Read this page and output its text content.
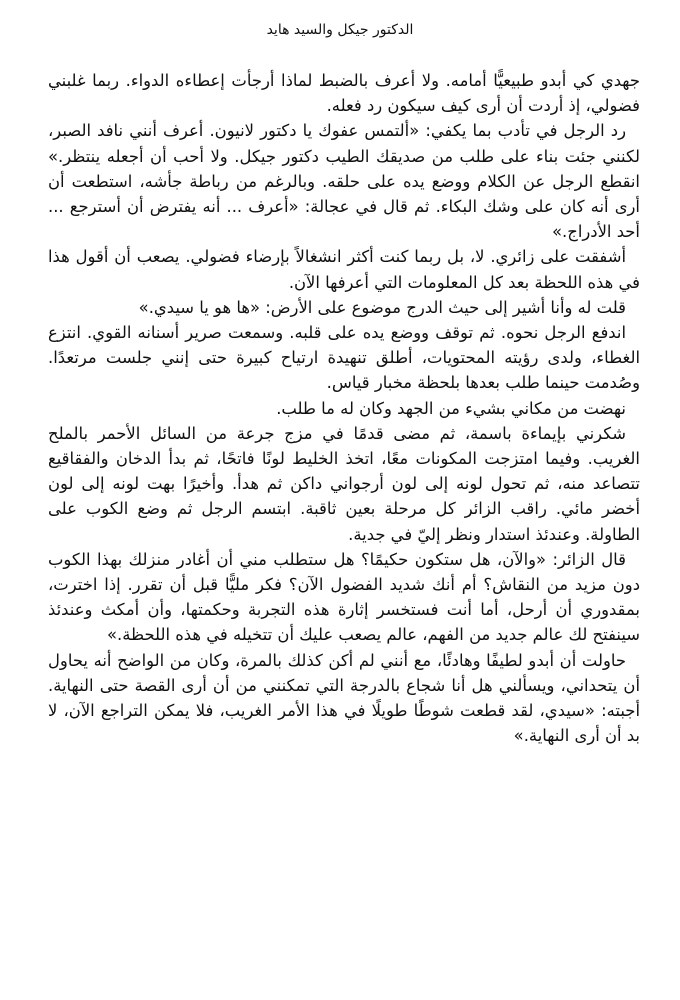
الدكتور جيكل والسيد هايد

جهدي كي أبدو طبيعيًّا أمامه. ولا أعرف بالضبط لماذا أرجأت إعطاءه الدواء. ربما غلبني فضولي، إذ أردت أن أرى كيف سيكون رد فعله.

رد الرجل في تأدب بما يكفي: «ألتمس عفوك يا دكتور لانيون. أعرف أنني نافد الصبر، لكنني جئت بناء على طلب من صديقك الطيب دكتور جيكل. ولا أحب أن أجعله ينتظر.» انقطع الرجل عن الكلام ووضع يده على حلقه. وبالرغم من رباطة جأشه، استطعت أن أرى أنه كان على وشك البكاء. ثم قال في عجالة: «أعرف ... أنه يفترض أن أسترجع ... أحد الأدراج.»

أشفقت على زائري. لا، بل ربما كنت أكثر انشغالاً بإرضاء فضولي. يصعب أن أقول هذا في هذه اللحظة بعد كل المعلومات التي أعرفها الآن.

قلت له وأنا أشير إلى حيث الدرج موضوع على الأرض: «ها هو يا سيدي.»

اندفع الرجل نحوه. ثم توقف ووضع يده على قلبه. وسمعت صرير أسنانه القوي. انتزع الغطاء، ولدى رؤيته المحتويات، أطلق تنهيدة ارتياح كبيرة حتى إنني جلست مرتعدًا. وصُدمت حينما طلب بعدها بلحظة مخبار قياس.

نهضت من مكاني بشيء من الجهد وكان له ما طلب.

شكرني بإيماءة باسمة، ثم مضى قدمًا في مزج جرعة من السائل الأحمر بالملح الغريب. وفيما امتزجت المكونات معًا، اتخذ الخليط لونًا فاتحًا، ثم بدأ الدخان والفقاقيع تتصاعد منه، ثم تحول لونه إلى لون أرجواني داكن ثم هدأ. وأخيرًا بهت لونه إلى لون أخضر مائي. راقب الزائر كل مرحلة بعين ثاقبة. ابتسم الرجل ثم وضع الكوب على الطاولة. وعندئذ استدار ونظر إليّ في جدية.

قال الزائر: «والآن، هل ستكون حكيمًا؟ هل ستطلب مني أن أغادر منزلك بهذا الكوب دون مزيد من النقاش؟ أم أنك شديد الفضول الآن؟ فكر مليًّا قبل أن تقرر. إذا اخترت، بمقدوري أن أرحل، أما أنت فستخسر إثارة هذه التجربة وحكمتها، وأن أمكث وعندئذ سينفتح لك عالم جديد من الفهم، عالم يصعب عليك أن تتخيله في هذه اللحظة.»

حاولت أن أبدو لطيفًا وهادئًا، مع أنني لم أكن كذلك بالمرة، وكان من الواضح أنه يحاول أن يتحداني، ويسألني هل أنا شجاع بالدرجة التي تمكنني من أن أرى القصة حتى النهاية. أجبته: «سيدي، لقد قطعت شوطًا طويلًا في هذا الأمر الغريب، فلا يمكن التراجع الآن، لا بد أن أرى النهاية.»
